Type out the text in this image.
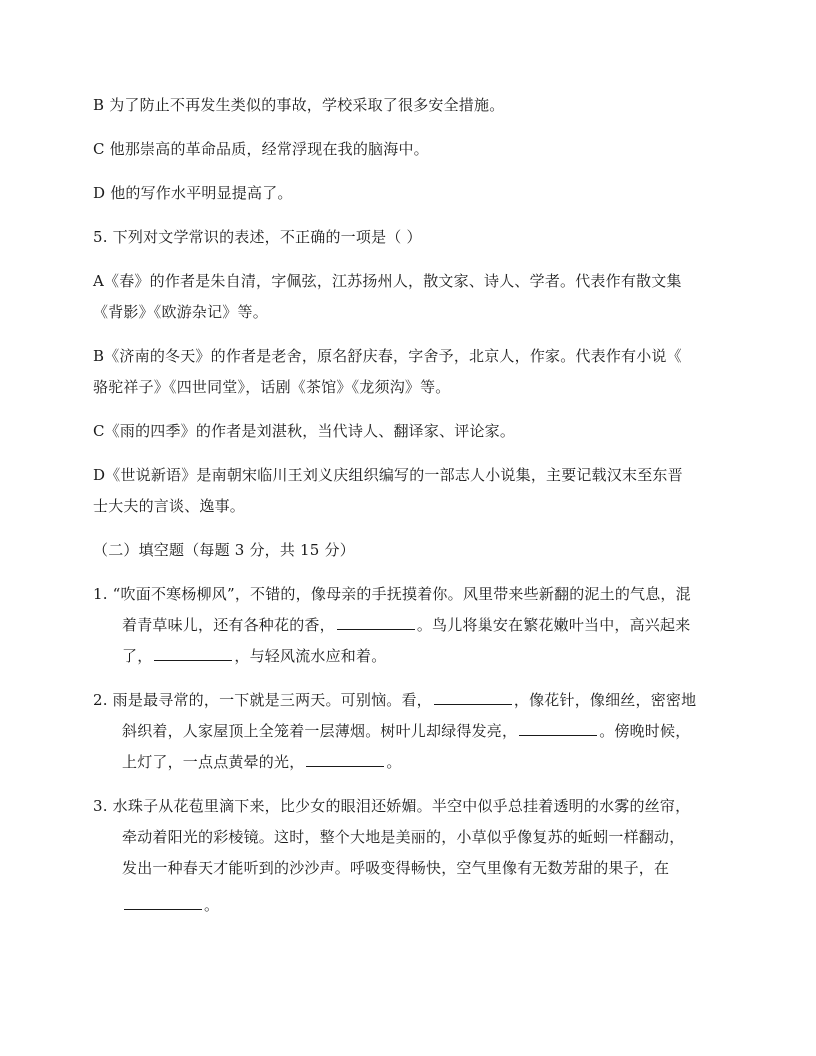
B 为了防止不再发生类似的事故，学校采取了很多安全措施。

C 他那崇高的革命品质，经常浮现在我的脑海中。

D 他的写作水平明显提高了。

5. 下列对文学常识的表述，不正确的一项是（ ）

A《春》的作者是朱自清，字佩弦，江苏扬州人，散文家、诗人、学者。代表作有散文集

《背影》《欧游杂记》等。

B《济南的冬天》的作者是老舍，原名舒庆春，字舍予，北京人，作家。代表作有小说《

骆驼祥子》《四世同堂》，话剧《茶馆》《龙须沟》等。

C《雨的四季》的作者是刘湛秋，当代诗人、翻译家、评论家。

D《世说新语》是南朝宋临川王刘义庆组织编写的一部志人小说集，主要记载汉末至东晋

士大夫的言谈、逸事。

（二）填空题（每题 3 分，共 15 分）

1. “吹面不寒杨柳风”，不错的，像母亲的手抚摸着你。风里带来些新翻的泥土的气息，混

着青草味儿，还有各种花的香，	。鸟儿将巢安在繁花嫩叶当中，高兴起来

了，	，与轻风流水应和着。

2. 雨是最寻常的，一下就是三两天。可别恼。看，	，像花针，像细丝，密密地

斜织着，人家屋顶上全笼着一层薄烟。树叶儿却绿得发亮，	。傍晚时候，

上灯了，一点点黄晕的光，	。

3. 水珠子从花苞里滴下来，比少女的眼泪还娇媚。半空中似乎总挂着透明的水雾的丝帘，

牵动着阳光的彩棱镜。这时，整个大地是美丽的，小草似乎像复苏的蚯蚓一样翻动，

发出一种春天才能听到的沙沙声。呼吸变得畅快，空气里像有无数芳甜的果子，在

。
